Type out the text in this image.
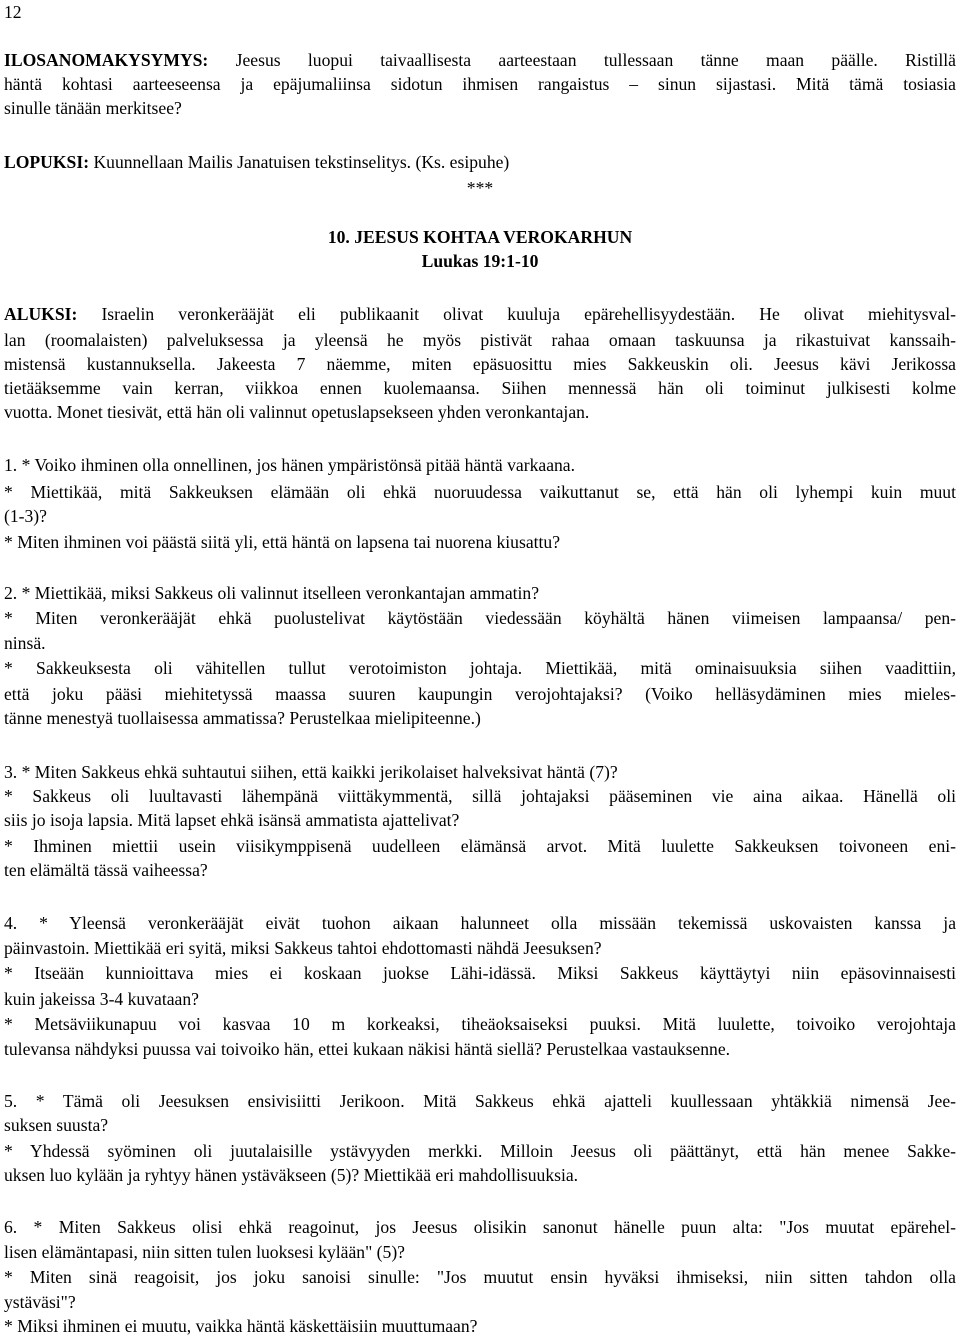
12
ILOSANOMAKYSYMYS: Jeesus luopui taivaallisesta aarteestaan tullessaan tänne maan päälle. Ristillä
häntä kohtasi aarteeseensa ja epäjumaliinsa sidotun ihmisen rangaistus – sinun sijastasi. Mitä tämä tosiasia
sinulle tänään merkitsee?
LOPUKSI: Kuunnellaan Mailis Janatuisen tekstinselitys. (Ks. esipuhe)
***
10. JEESUS KOHTAA VEROKARHUN
Luukas 19:1-10
ALUKSI: Israelin veronkerääjät eli publikaanit olivat kuuluja epärehellisyydestään. He olivat miehitysval-
lan (roomalaisten) palveluksessa ja yleensä he myös pistivät rahaa omaan taskuunsa ja rikastuivat kanssaih-
mistensä kustannuksella. Jakeesta 7 näemme, miten epäsuosittu mies Sakkeuskin oli. Jeesus kävi Jerikossa
tietääksemme vain kerran, viikkoa ennen kuolemaansa. Siihen mennessä hän oli toiminut julkisesti kolme
vuotta. Monet tiesivät, että hän oli valinnut opetuslapsekseen yhden veronkantajan.
1. * Voiko ihminen olla onnellinen, jos hänen ympäristönsä pitää häntä varkaana.
* Miettikää, mitä Sakkeuksen elämään oli ehkä nuoruudessa vaikuttanut se, että hän oli lyhempi kuin muut
(1-3)?
* Miten ihminen voi päästä siitä yli, että häntä on lapsena tai nuorena kiusattu?
2. * Miettikää, miksi Sakkeus oli valinnut itselleen veronkantajan ammatin?
* Miten veronkerääjät ehkä puolustelivat käytöstään viedessään köyhältä hänen viimeisen lampaansa/ pen-
ninsä.
* Sakkeuksesta oli vähitellen tullut verotoimiston johtaja. Miettikää, mitä ominaisuuksia siihen vaadittiin,
että joku pääsi miehitetyssä maassa suuren kaupungin verojohtajaksi? (Voiko helläsydäminen mies mieles-
tänne menestyä tuollaisessa ammatissa? Perustelkaa mielipiteenne.)
3. * Miten Sakkeus ehkä suhtautui siihen, että kaikki jerikolaiset halveksivat häntä (7)?
* Sakkeus oli luultavasti lähempänä viittäkymmentä, sillä johtajaksi pääseminen vie aina aikaa. Hänellä oli
siis jo isoja lapsia. Mitä lapset ehkä isänsä ammatista ajattelivat?
* Ihminen miettii usein viisikymppisenä uudelleen elämänsä arvot. Mitä luulette Sakkeuksen toivoneen eni-
ten elämältä tässä vaiheessa?
4. * Yleensä veronkerääjät eivät tuohon aikaan halunneet olla missään tekemissä uskovaisten kanssa ja
päinvastoin. Miettikää eri syitä, miksi Sakkeus tahtoi ehdottomasti nähdä Jeesuksen?
* Itseään kunnioittava mies ei koskaan juokse Lähi-idässä. Miksi Sakkeus käyttäytyi niin epäsovinnaisesti
kuin jakeissa 3-4 kuvataan?
* Metsäviikunapuu voi kasvaa 10 m korkeaksi, tiheäoksaiseksi puuksi. Mitä luulette, toivoiko verojohtaja
tulevansa nähdyksi puussa vai toivoiko hän, ettei kukaan näkisi häntä siellä? Perustelkaa vastauksenne.
5. * Tämä oli Jeesuksen ensivisiitti Jerikoon. Mitä Sakkeus ehkä ajatteli kuullessaan yhtäkkiä nimensä Jee-
suksen suusta?
* Yhdessä syöminen oli juutalaisille ystävyyden merkki. Milloin Jeesus oli päättänyt, että hän menee Sakke-
uksen luo kylään ja ryhtyy hänen ystäväkseen (5)? Miettikää eri mahdollisuuksia.
6. * Miten Sakkeus olisi ehkä reagoinut, jos Jeesus olisikin sanonut hänelle puun alta: "Jos muutat epärehel-
lisen elämäntapasi, niin sitten tulen luoksesi kylään" (5)?
* Miten sinä reagoisit, jos joku sanoisi sinulle: "Jos muutut ensin hyväksi ihmiseksi, niin sitten tahdon olla
ystäväsi"?
* Miksi ihminen ei muutu, vaikka häntä käskettäisiin muuttumaan?
